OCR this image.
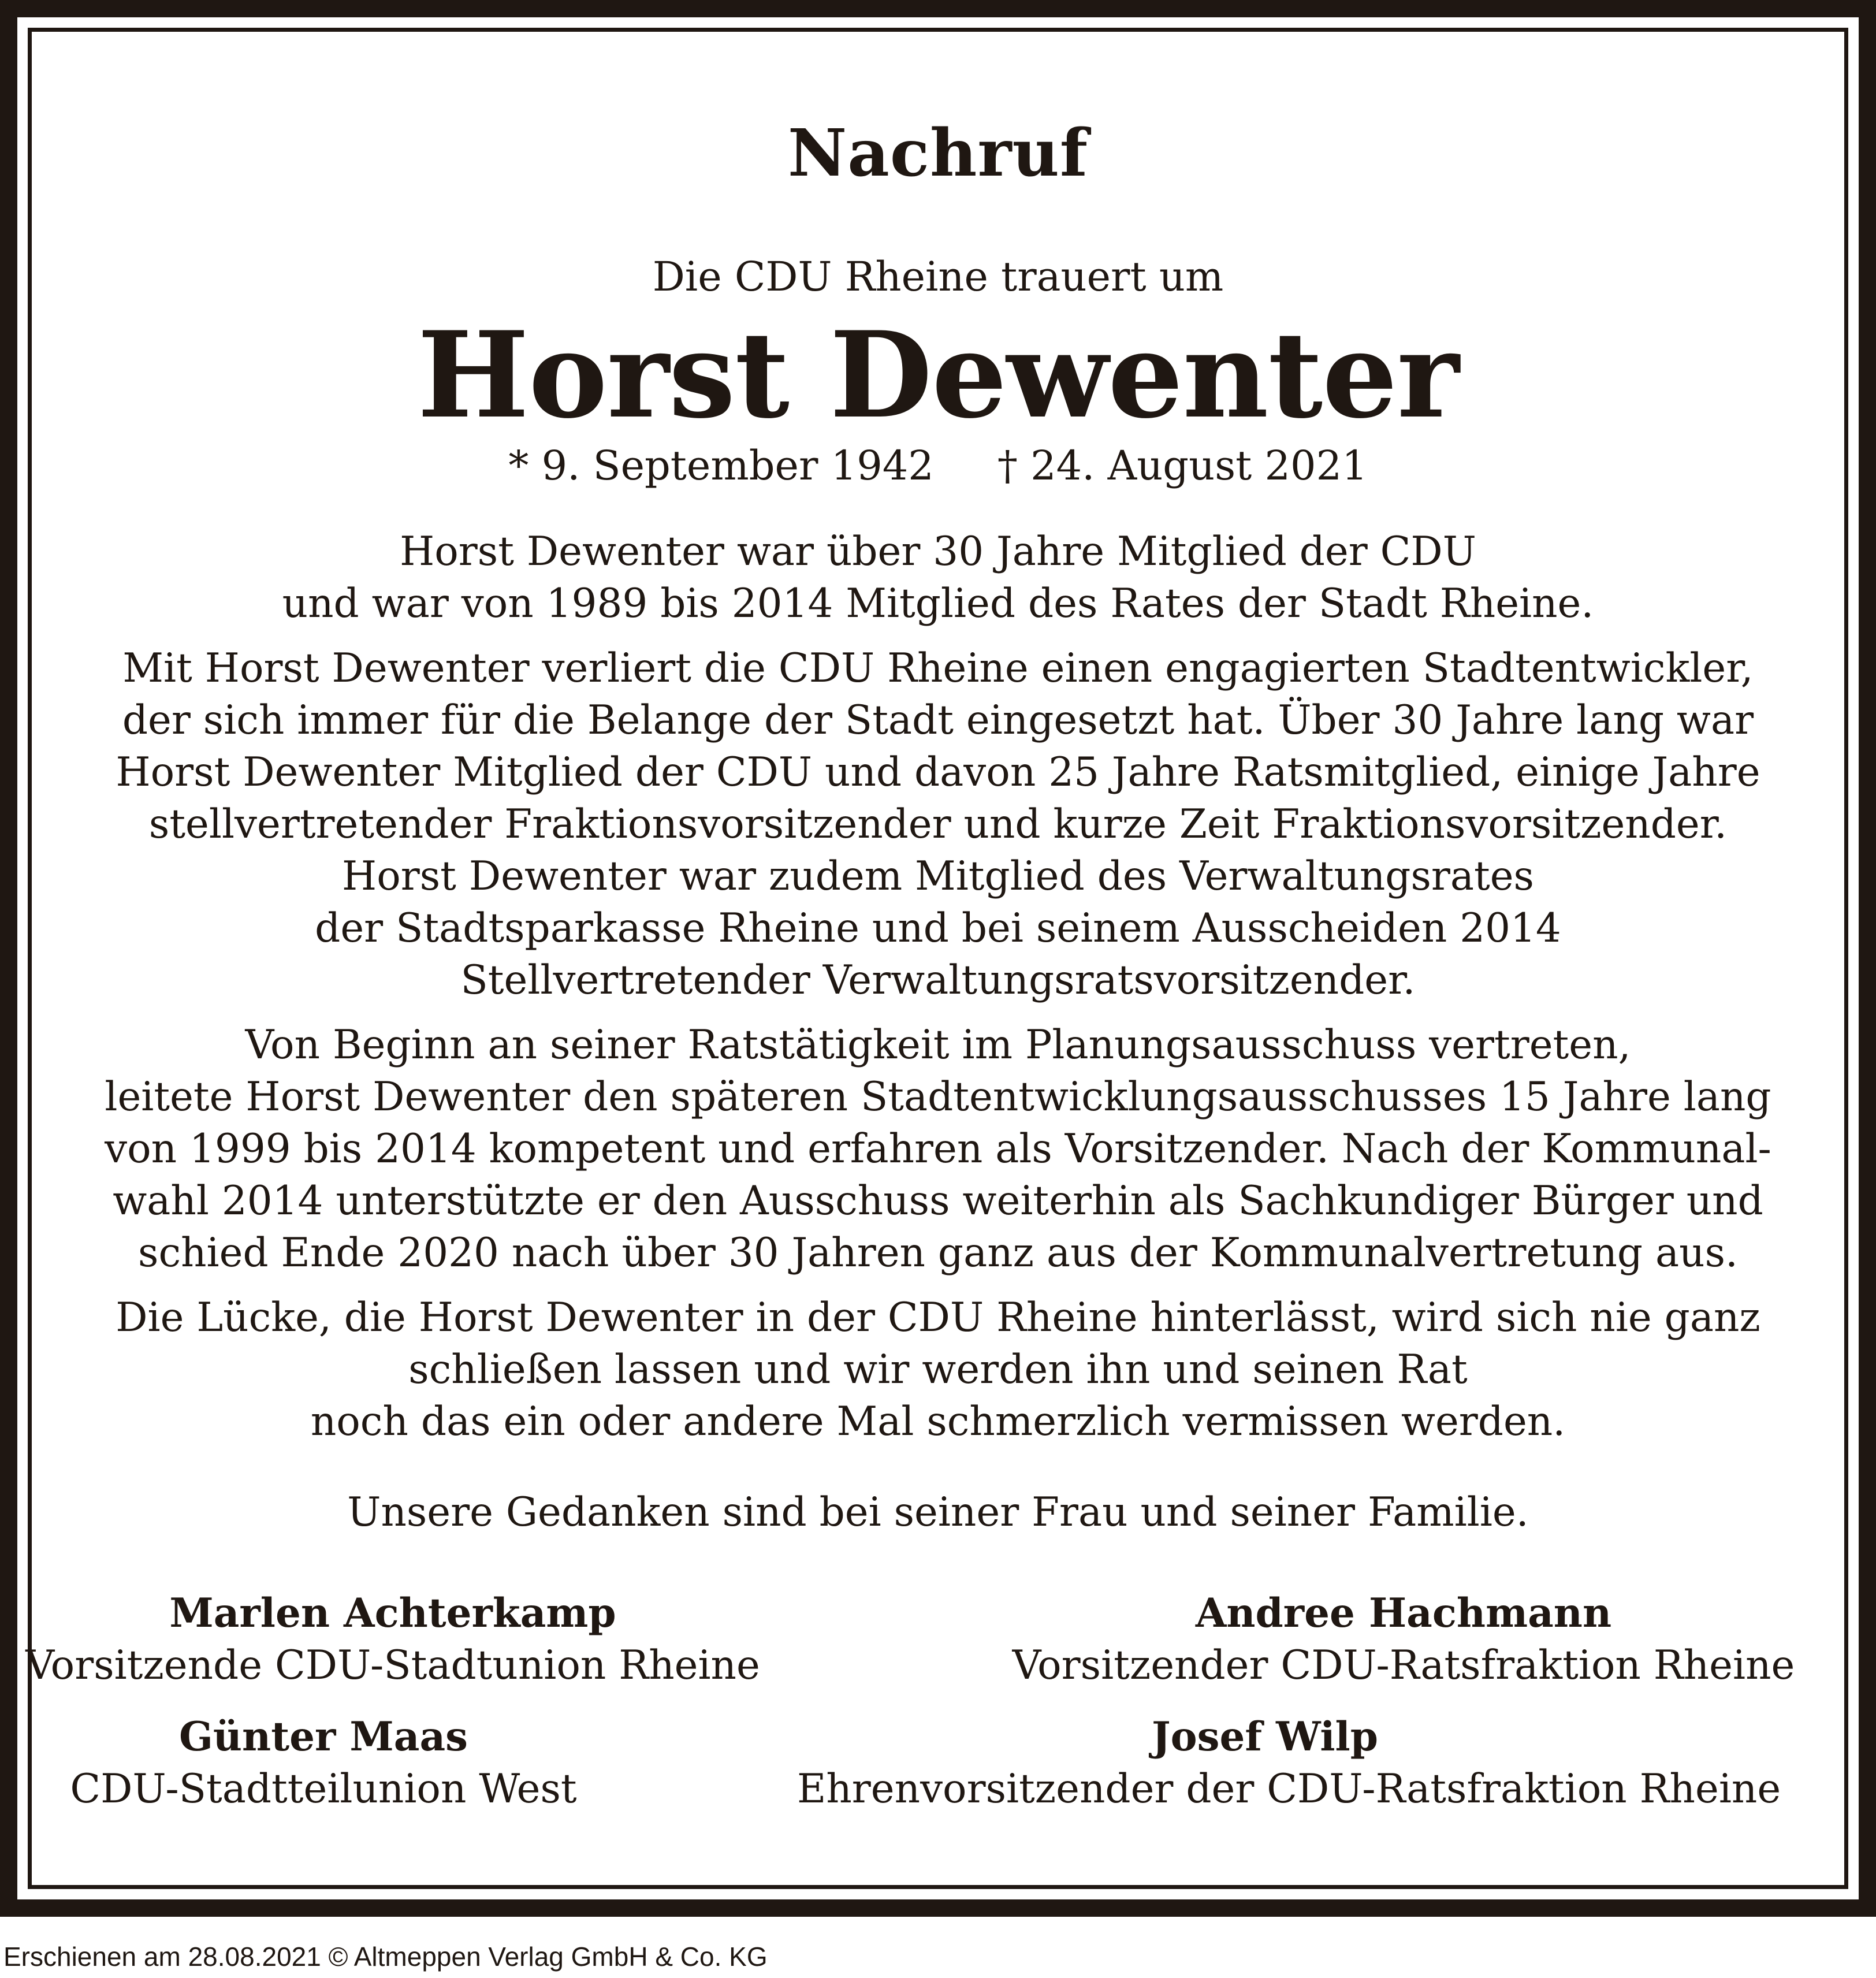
Nachruf
Die CDU Rheine trauert um
Horst Dewenter
* 9. September 1942 † 24. August 2021
Horst Dewenter war über 30 Jahre Mitglied der CDU
und war von 1989 bis 2014 Mitglied des Rates der Stadt Rheine.
Mit Horst Dewenter verliert die CDU Rheine einen engagierten Stadtentwickler,
der sich immer für die Belange der Stadt eingesetzt hat. Über 30 Jahre lang war
Horst Dewenter Mitglied der CDU und davon 25 Jahre Ratsmitglied, einige Jahre
stellvertretender Fraktionsvorsitzender und kurze Zeit Fraktionsvorsitzender.
Horst Dewenter war zudem Mitglied des Verwaltungsrates
der Stadtsparkasse Rheine und bei seinem Ausscheiden 2014
Stellvertretender Verwaltungsratsvorsitzender.
Von Beginn an seiner Ratstätigkeit im Planungsausschuss vertreten,
leitete Horst Dewenter den späteren Stadtentwicklungsausschusses 15 Jahre lang
von 1999 bis 2014 kompetent und erfahren als Vorsitzender. Nach der Kommunal-
wahl 2014 unterstützte er den Ausschuss weiterhin als Sachkundiger Bürger und
schied Ende 2020 nach über 30 Jahren ganz aus der Kommunalvertretung aus.
Die Lücke, die Horst Dewenter in der CDU Rheine hinterlässt, wird sich nie ganz
schließen lassen und wir werden ihn und seinen Rat
noch das ein oder andere Mal schmerzlich vermissen werden.
Unsere Gedanken sind bei seiner Frau und seiner Familie.
Marlen Achterkamp
Vorsitzende CDU-Stadtunion Rheine
Andree Hachmann
Vorsitzender CDU-Ratsfraktion Rheine
Günter Maas
CDU-Stadtteilunion West
Josef Wilp
Ehrenvorsitzender der CDU-Ratsfraktion Rheine
Erschienen am 28.08.2021 © Altmeppen Verlag GmbH & Co. KG
